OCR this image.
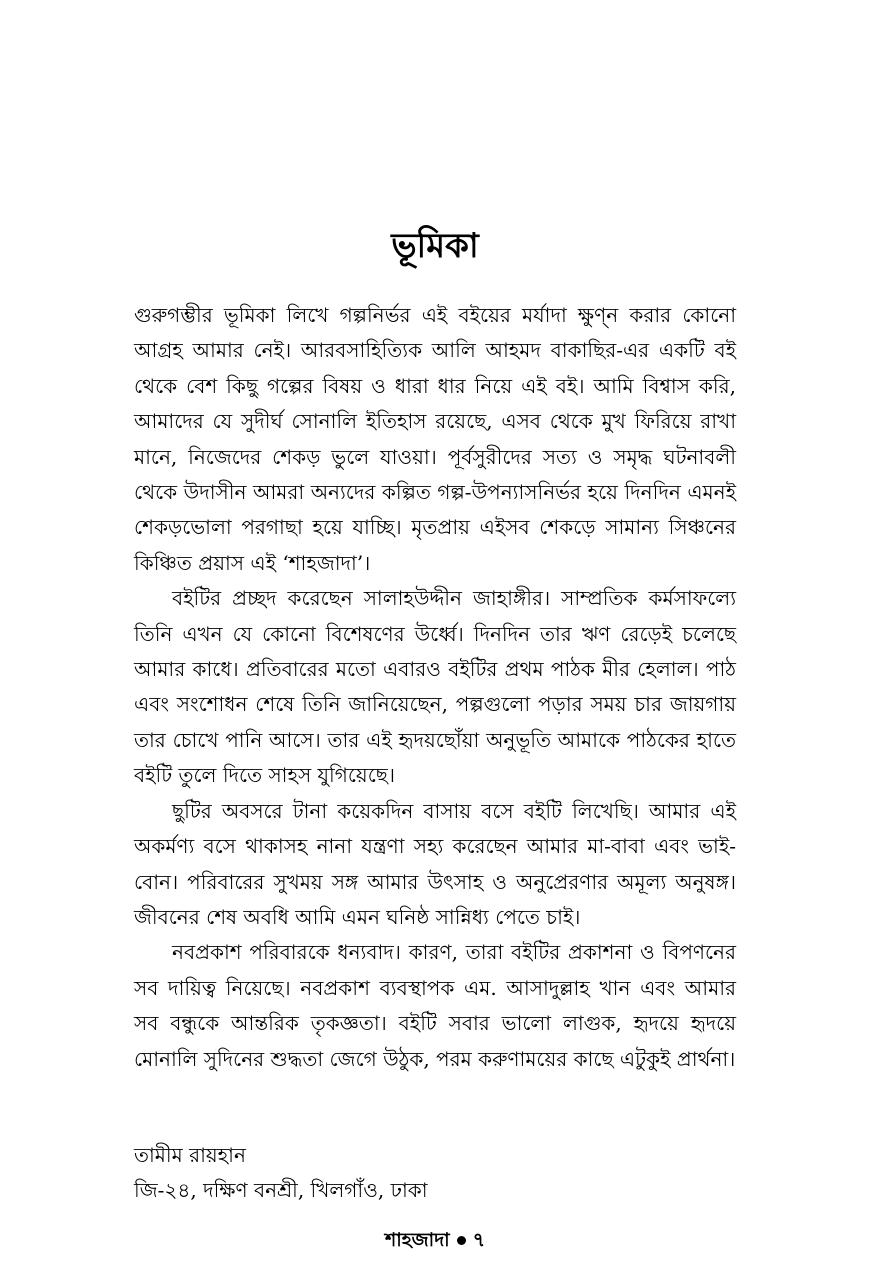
ভূমিকা

গুরুগম্ভীর ভূমিকা লিখে গল্পনির্ভর এই বইয়ের মর্যাদা ক্ষুণ্ন করার কোনো আগ্রহ আমার নেই। আরবসাহিত্যিক আলি আহমদ বাকাছির-এর একটি বই থেকে বেশ কিছু গল্পের বিষয় ও ধারা ধার নিয়ে এই বই। আমি বিশ্বাস করি, আমাদের যে সুদীর্ঘ সোনালি ইতিহাস রয়েছে, এসব থেকে মুখ ফিরিয়ে রাখা মানে, নিজেদের শেকড় ভুলে যাওয়া। পূর্বসুরীদের সত্য ও সমৃদ্ধ ঘটনাবলী থেকে উদাসীন আমরা অন্যদের কল্পিত গল্প-উপন্যাসনির্ভর হয়ে দিনদিন এমনই শেকড়ভোলা পরগাছা হয়ে যাচ্ছি। মৃতপ্রায় এইসব শেকড়ে সামান্য সিঞ্চনের কিঞ্চিত প্রয়াস এই ‘শাহজাদা’।

বইটির প্রচ্ছদ করেছেন সালাহউদ্দীন জাহাঙ্গীর। সাম্প্রতিক কর্মসাফল্যে তিনি এখন যে কোনো বিশেষণের উর্ধ্বে। দিনদিন তার ঋণ রেড়েই চলেছে আমার কাধে। প্রতিবারের মতো এবারও বইটির প্রথম পাঠক মীর হেলাল। পাঠ এবং সংশোধন শেষে তিনি জানিয়েছেন, পল্পগুলো পড়ার সময় চার জায়গায় তার চোখে পানি আসে। তার এই হৃদয়ছোঁয়া অনুভূতি আমাকে পাঠকের হাতে বইটি তুলে দিতে সাহস যুগিয়েছে।

ছুটির অবসরে টানা কয়েকদিন বাসায় বসে বইটি লিখেছি। আমার এই অকর্মণ্য বসে থাকাসহ নানা যন্ত্রণা সহ্য করেছেন আমার মা-বাবা এবং ভাই-বোন। পরিবারের সুখময় সঙ্গ আমার উৎসাহ ও অনুপ্রেরণার অমূল্য অনুষঙ্গ। জীবনের শেষ অবধি আমি এমন ঘনিষ্ঠ সান্নিধ্য পেতে চাই।

নবপ্রকাশ পরিবারকে ধন্যবাদ। কারণ, তারা বইটির প্রকাশনা ও বিপণনের সব দায়িত্ব নিয়েছে। নবপ্রকাশ ব্যবস্থাপক এম. আসাদুল্লাহ খান এবং আমার সব বন্ধুকে আন্তরিক তৃকজ্ঞতা। বইটি সবার ভালো লাগুক, হৃদয়ে হৃদয়ে মোনালি সুদিনের শুদ্ধতা জেগে উঠুক, পরম করুণাময়ের কাছে এটুকুই প্রার্থনা।

তামীম রায়হান

জি-২৪, দক্ষিণ বনশ্রী, খিলগাঁও, ঢাকা

শাহজাদা ৭
